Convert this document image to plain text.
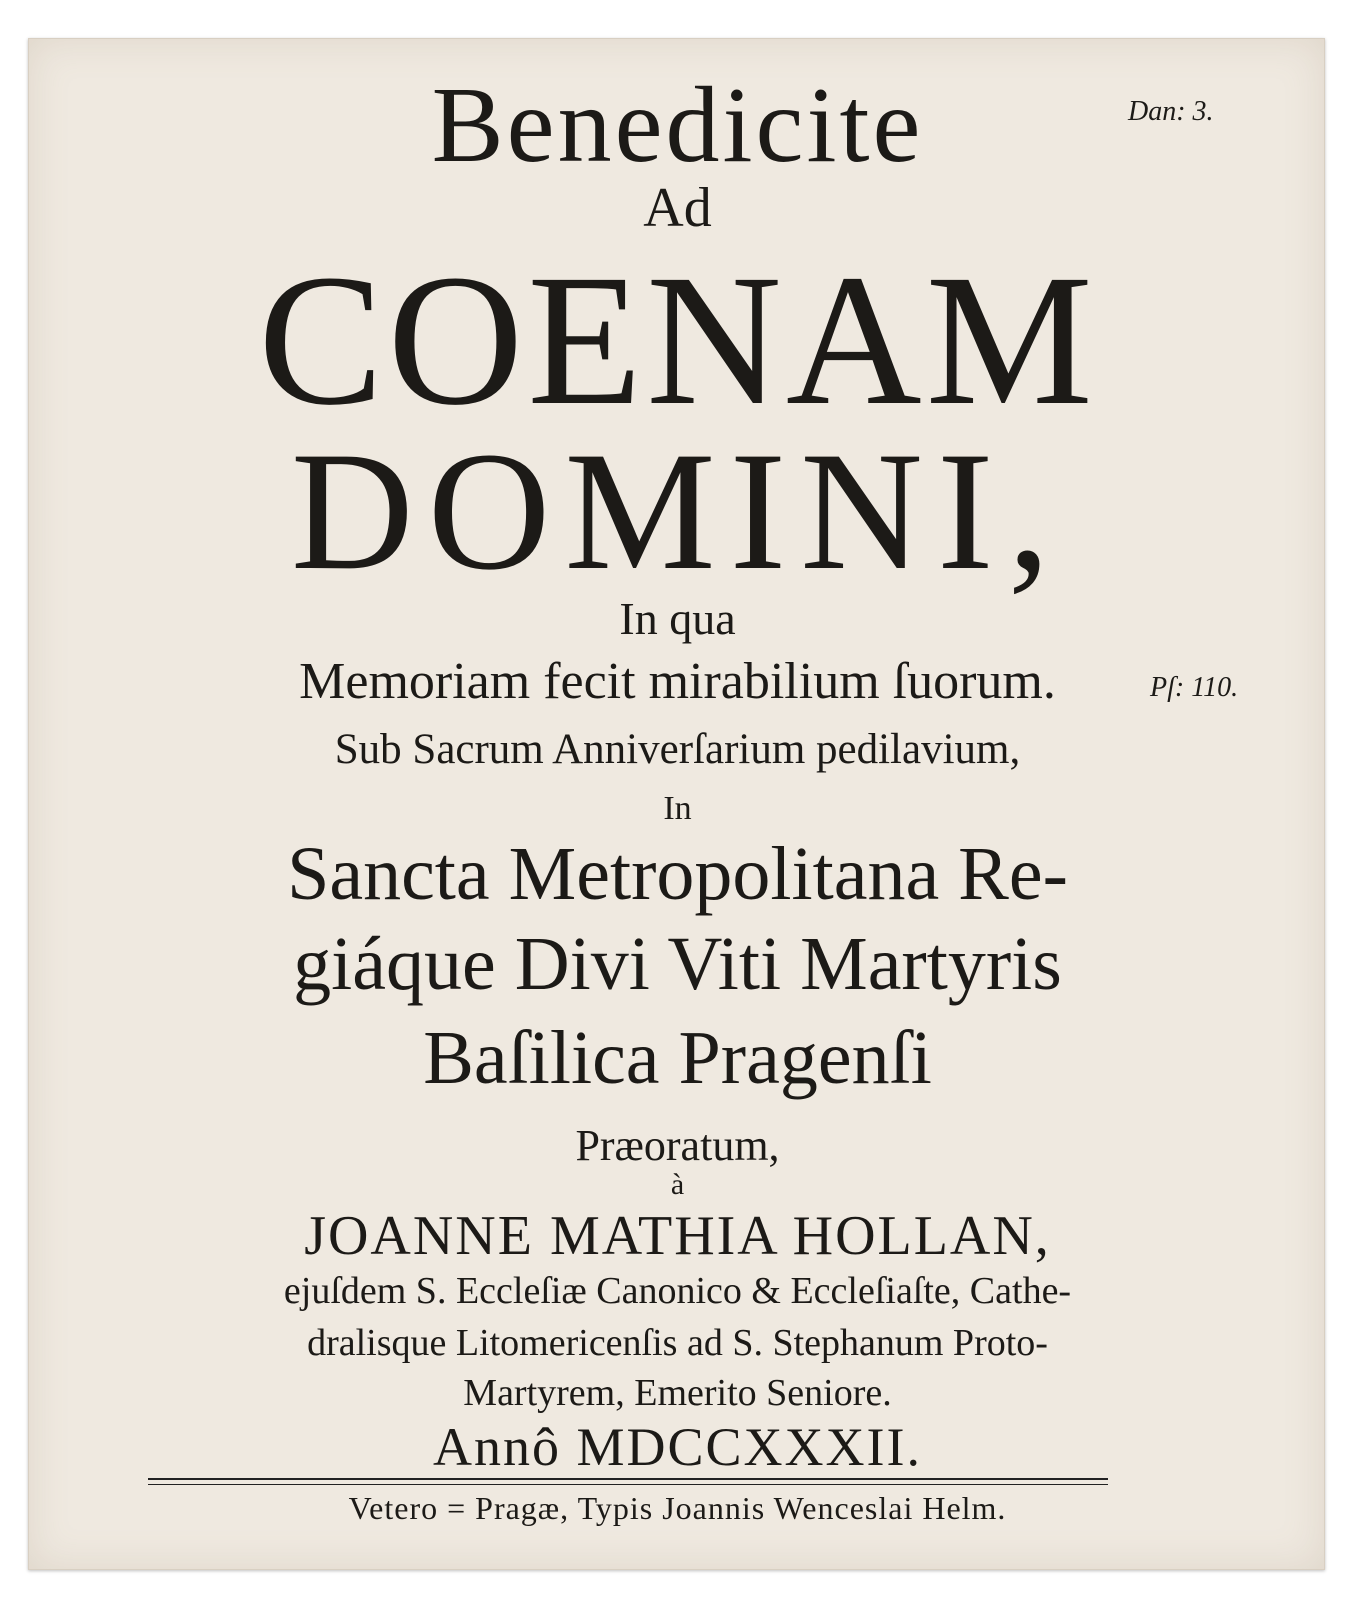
Dan: 3.
Pſ: 110.
Benedicite
Ad
COENAM
DOMINI,
In qua
Memoriam fecit mirabilium ſuorum.
Sub Sacrum Anniverſarium pedilavium,
In
Sancta Metropolitana Re-
giáque Divi Viti Martyris
Baſilica Pragenſi
Præoratum,
à
JOANNE MATHIA HOLLAN,
ejuſdem S. Eccleſiæ Canonico & Eccleſiaſte, Cathe-
dralisque Litomericenſis ad S. Stephanum Proto-
Martyrem, Emerito Seniore.
Annô MDCCXXXII.
Vetero = Pragæ, Typis Joannis Wenceslai Helm.
